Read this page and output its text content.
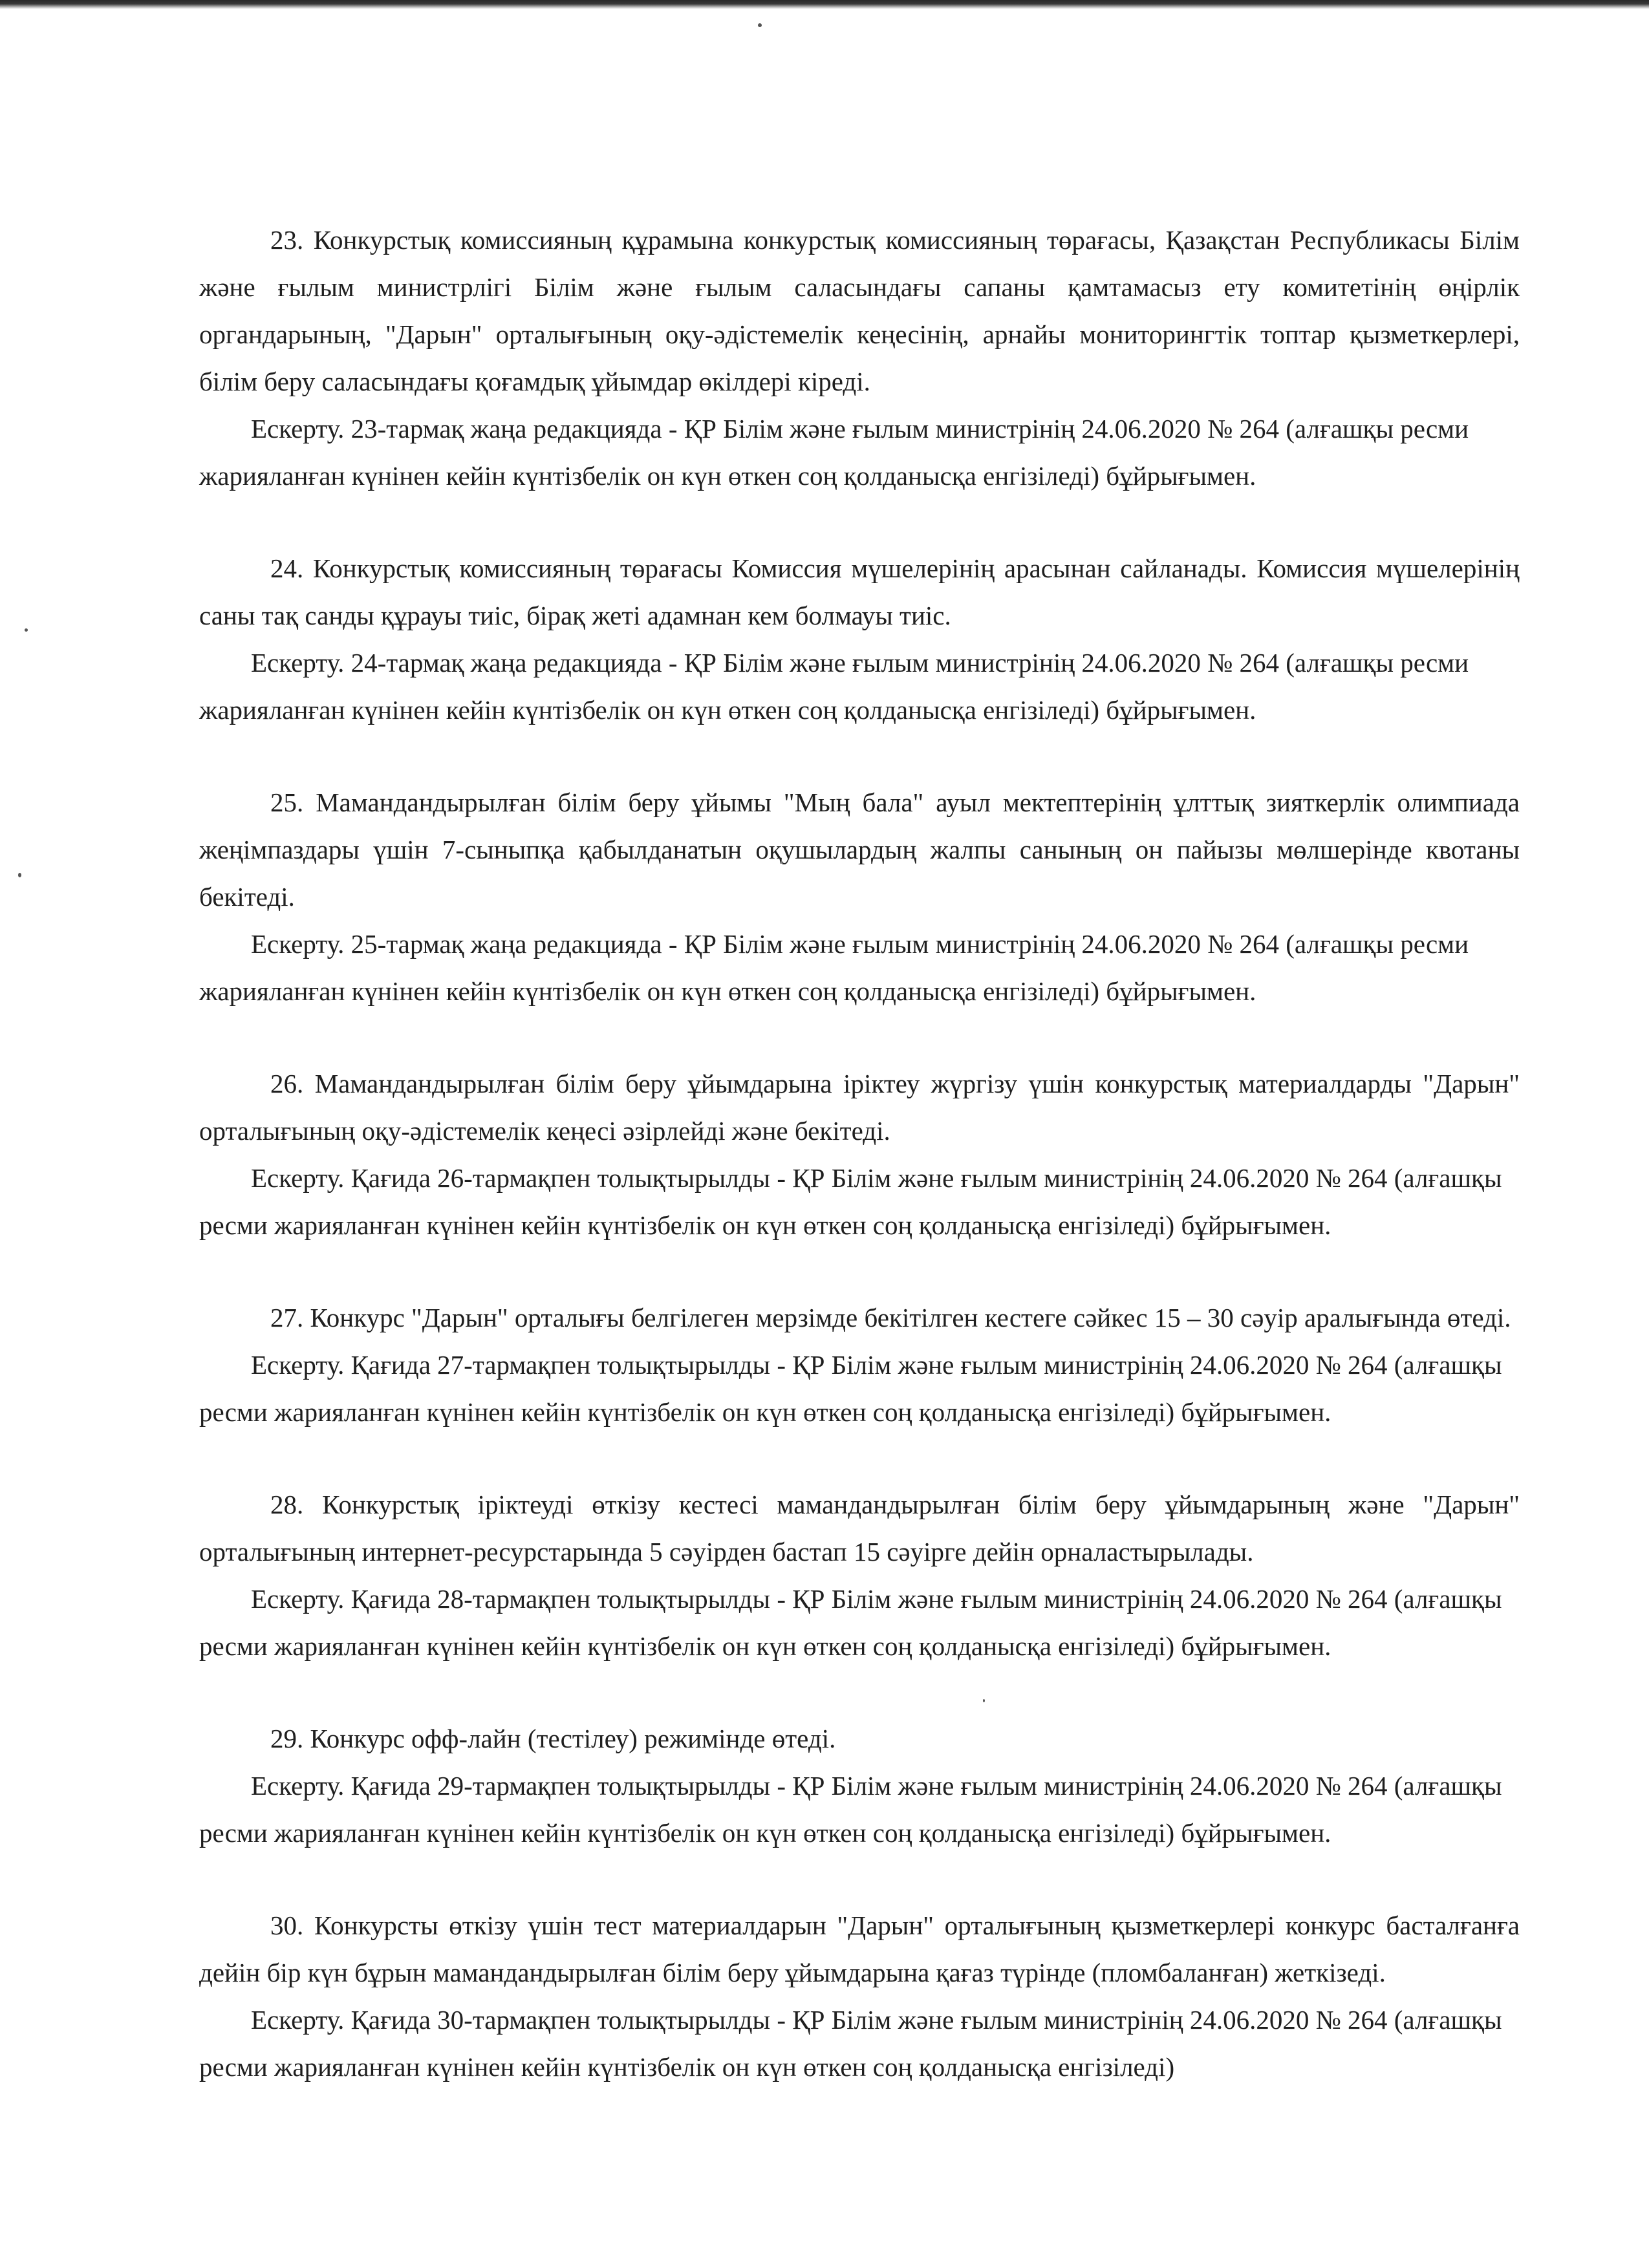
23. Конкурстық комиссияның құрамына конкурстық комиссияның төрағасы, Қазақстан Республикасы Білім және ғылым министрлігі Білім және ғылым саласындағы сапаны қамтамасыз ету комитетінің өңірлік органдарының, "Дарын" орталығының оқу-әдістемелік кеңесінің, арнайы мониторингтік топтар қызметкерлері, білім беру саласындағы қоғамдық ұйымдар өкілдері кіреді.

Ескерту. 23-тармақ жаңа редакцияда - ҚР Білім және ғылым министрінің 24.06.2020 № 264 (алғашқы ресми жарияланған күнінен кейін күнтізбелік он күн өткен соң қолданысқа енгізіледі) бұйрығымен.

24. Конкурстық комиссияның төрағасы Комиссия мүшелерінің арасынан сайланады. Комиссия мүшелерінің саны тақ санды құрауы тиіс, бірақ жеті адамнан кем болмауы тиіс.

Ескерту. 24-тармақ жаңа редакцияда - ҚР Білім және ғылым министрінің 24.06.2020 № 264 (алғашқы ресми жарияланған күнінен кейін күнтізбелік он күн өткен соң қолданысқа енгізіледі) бұйрығымен.

25. Мамандандырылған білім беру ұйымы "Мың бала" ауыл мектептерінің ұлттық зияткерлік олимпиада жеңімпаздары үшін 7-сыныпқа қабылданатын оқушылардың жалпы санының он пайызы мөлшерінде квотаны бекітеді.

Ескерту. 25-тармақ жаңа редакцияда - ҚР Білім және ғылым министрінің 24.06.2020 № 264 (алғашқы ресми жарияланған күнінен кейін күнтізбелік он күн өткен соң қолданысқа енгізіледі) бұйрығымен.

26. Мамандандырылған білім беру ұйымдарына іріктеу жүргізу үшін конкурстық материалдарды "Дарын" орталығының оқу-әдістемелік кеңесі әзірлейді және бекітеді.

Ескерту. Қағида 26-тармақпен толықтырылды - ҚР Білім және ғылым министрінің 24.06.2020 № 264 (алғашқы ресми жарияланған күнінен кейін күнтізбелік он күн өткен соң қолданысқа енгізіледі) бұйрығымен.

27. Конкурс "Дарын" орталығы белгілеген мерзімде бекітілген кестеге сәйкес 15 – 30 сәуір аралығында өтеді.

Ескерту. Қағида 27-тармақпен толықтырылды - ҚР Білім және ғылым министрінің 24.06.2020 № 264 (алғашқы ресми жарияланған күнінен кейін күнтізбелік он күн өткен соң қолданысқа енгізіледі) бұйрығымен.

28. Конкурстық іріктеуді өткізу кестесі мамандандырылған білім беру ұйымдарының және "Дарын" орталығының интернет-ресурстарында 5 сәуірден бастап 15 сәуірге дейін орналастырылады.

Ескерту. Қағида 28-тармақпен толықтырылды - ҚР Білім және ғылым министрінің 24.06.2020 № 264 (алғашқы ресми жарияланған күнінен кейін күнтізбелік он күн өткен соң қолданысқа енгізіледі) бұйрығымен.

29. Конкурс офф-лайн (тестілеу) режимінде өтеді.

Ескерту. Қағида 29-тармақпен толықтырылды - ҚР Білім және ғылым министрінің 24.06.2020 № 264 (алғашқы ресми жарияланған күнінен кейін күнтізбелік он күн өткен соң қолданысқа енгізіледі) бұйрығымен.

30. Конкурсты өткізу үшін тест материалдарын "Дарын" орталығының қызметкерлері конкурс басталғанға дейін бір күн бұрын мамандандырылған білім беру ұйымдарына қағаз түрінде (пломбаланған) жеткізеді.

Ескерту. Қағида 30-тармақпен толықтырылды - ҚР Білім және ғылым министрінің 24.06.2020 № 264 (алғашқы ресми жарияланған күнінен кейін күнтізбелік он күн өткен соң қолданысқа енгізіледі)
